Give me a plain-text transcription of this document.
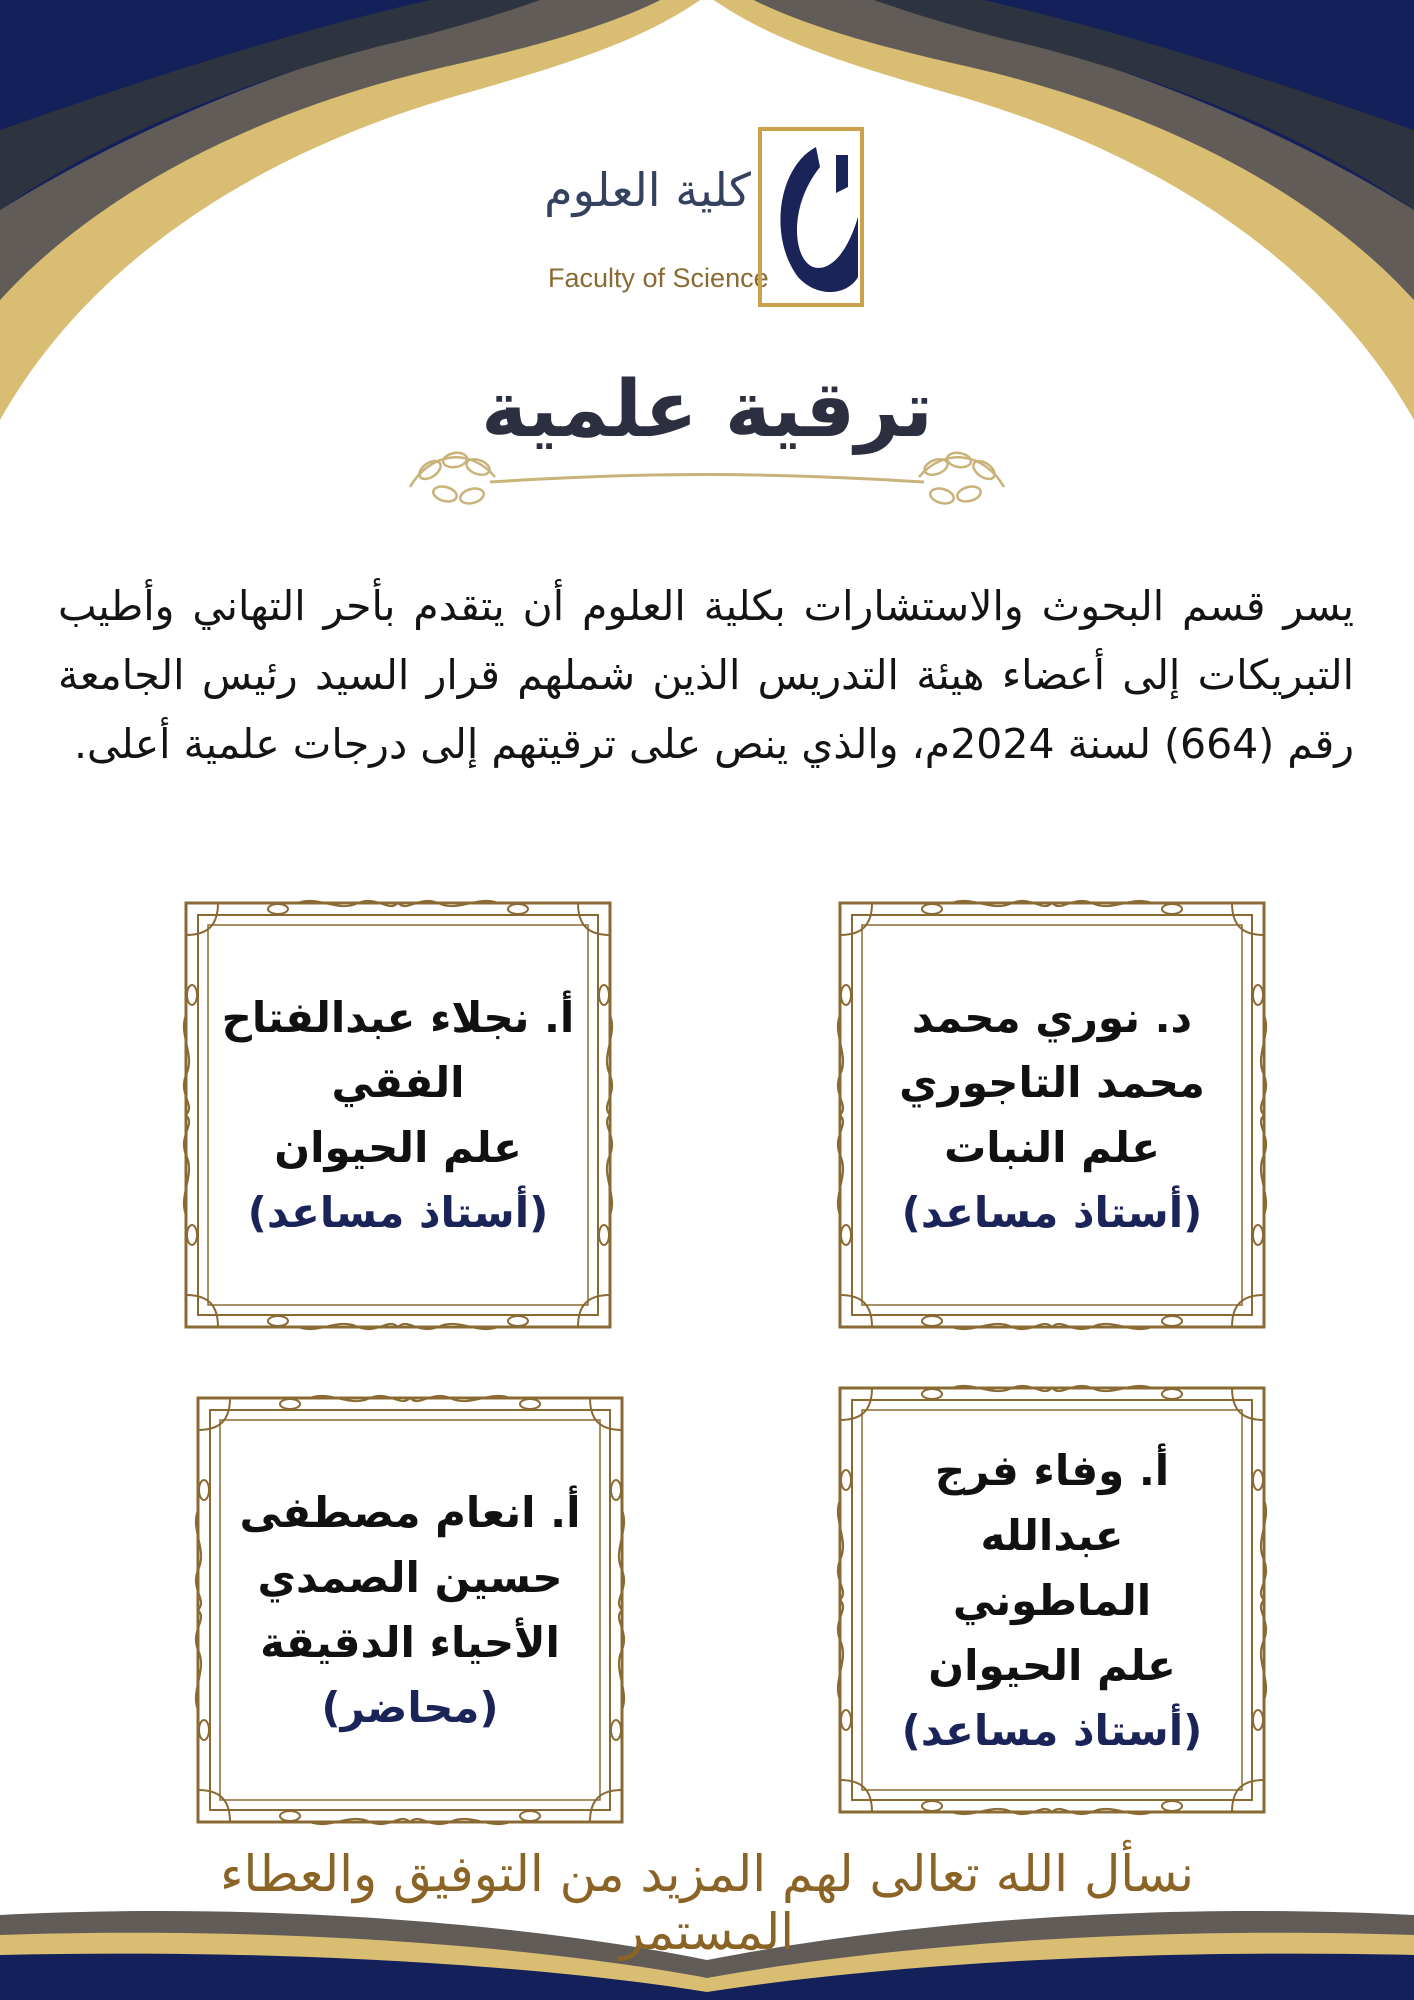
كلية العلوم
Faculty of Science
ترقية علمية
يسر قسم البحوث والاستشارات بكلية العلوم أن يتقدم بأحر التهاني وأطيب التبريكات إلى أعضاء هيئة التدريس الذين شملهم قرار السيد رئيس الجامعة رقم (664) لسنة 2024م، والذي ينص على ترقيتهم إلى درجات علمية أعلى.
د. نوري محمد
محمد التاجوري
علم النبات
(أستاذ مساعد)
أ. نجلاء عبدالفتاح
الفقي
علم الحيوان
(أستاذ مساعد)
أ. وفاء فرج عبدالله
الماطوني
علم الحيوان
(أستاذ مساعد)
أ. انعام مصطفى
حسين الصمدي
الأحياء الدقيقة
(محاضر)
نسأل الله تعالى لهم المزيد من التوفيق والعطاء المستمر
